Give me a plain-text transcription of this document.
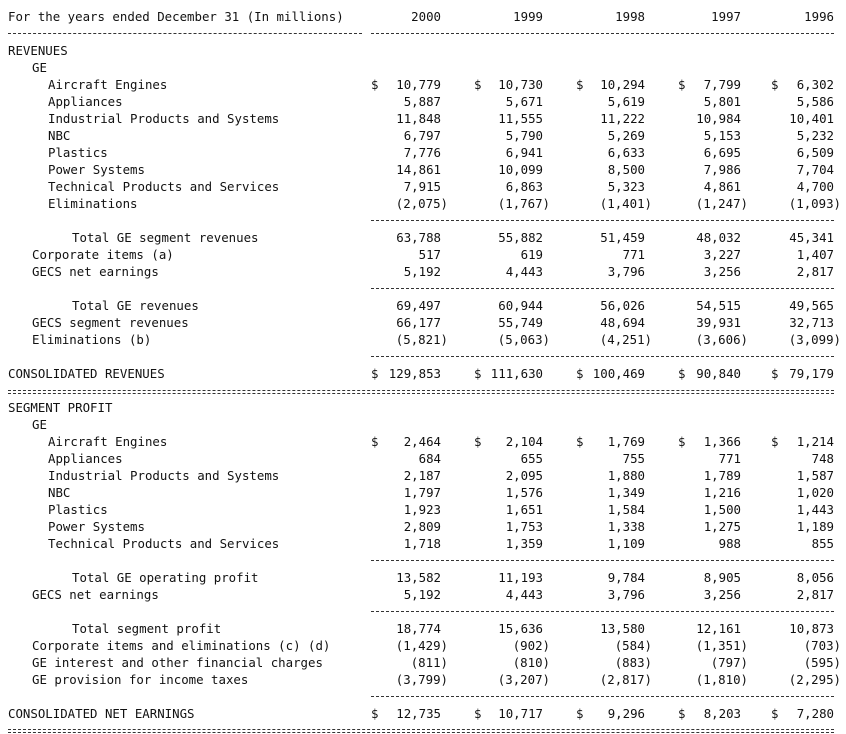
For the years ended December 31 (In millions)	2000	1999	1998	1997	1996
REVENUES
GE
Aircraft Engines	$ 10,779	$ 10,730	$ 10,294	$ 7,799 $ 6,302
Appliances	5,887	5,671	5,619	5,801	5,586
Industrial Products and Systems	11,848	11,555	11,222	10,984	10,401
NBC	6,797	5,790	5,269	5,153	5,232
Plastics	7,776	6,941	6,633	6,695	6,509
Power Systems	14,861	10,099	8,500	7,986	7,704
Technical Products and Services	7,915	6,863	5,323	4,861	4,700
Eliminations	(2,075)	(1,767)	(1,401)	(1,247)	(1,093)
Total GE segment revenues	63,788	55,882	51,459	48,032	45,341
Corporate items (a)	517	619	771	3,227	1,407
GECS net earnings	5,192	4,443	3,796	3,256	2,817
Total GE revenues	69,497	60,944	56,026	54,515	49,565
GECS segment revenues	66,177	55,749	48,694	39,931	32,713
Eliminations (b)	(5,821)	(5,063)	(4,251)	(3,606)	(3,099)
CONSOLIDATED REVENUES	$ 129,853	$ 111,630	$ 100,469	$ 90,840 $ 79,179
SEGMENT PROFIT
GE
Aircraft Engines	$ 2,464	$ 2,104	$ 1,769	$ 1,366 $ 1,214
Appliances	684	655	755	771	748
Industrial Products and Systems	2,187	2,095	1,880	1,789	1,587
NBC	1,797	1,576	1,349	1,216	1,020
Plastics	1,923	1,651	1,584	1,500	1,443
Power Systems	2,809	1,753	1,338	1,275	1,189
Technical Products and Services	1,718	1,359	1,109	988	855
Total GE operating profit	13,582	11,193	9,784	8,905	8,056
GECS net earnings	5,192	4,443	3,796	3,256	2,817
Total segment profit	18,774	15,636	13,580	12,161	10,873
Corporate items and eliminations (c) (d)	(1,429)	(902)	(584)	(1,351)	(703)
GE interest and other financial charges	(811)	(810)	(883)	(797)	(595)
GE provision for income taxes	(3,799)	(3,207)	(2,817)	(1,810)	(2,295)
CONSOLIDATED NET EARNINGS	$ 12,735	$ 10,717	$ 9,296	$ 8,203 $ 7,280
